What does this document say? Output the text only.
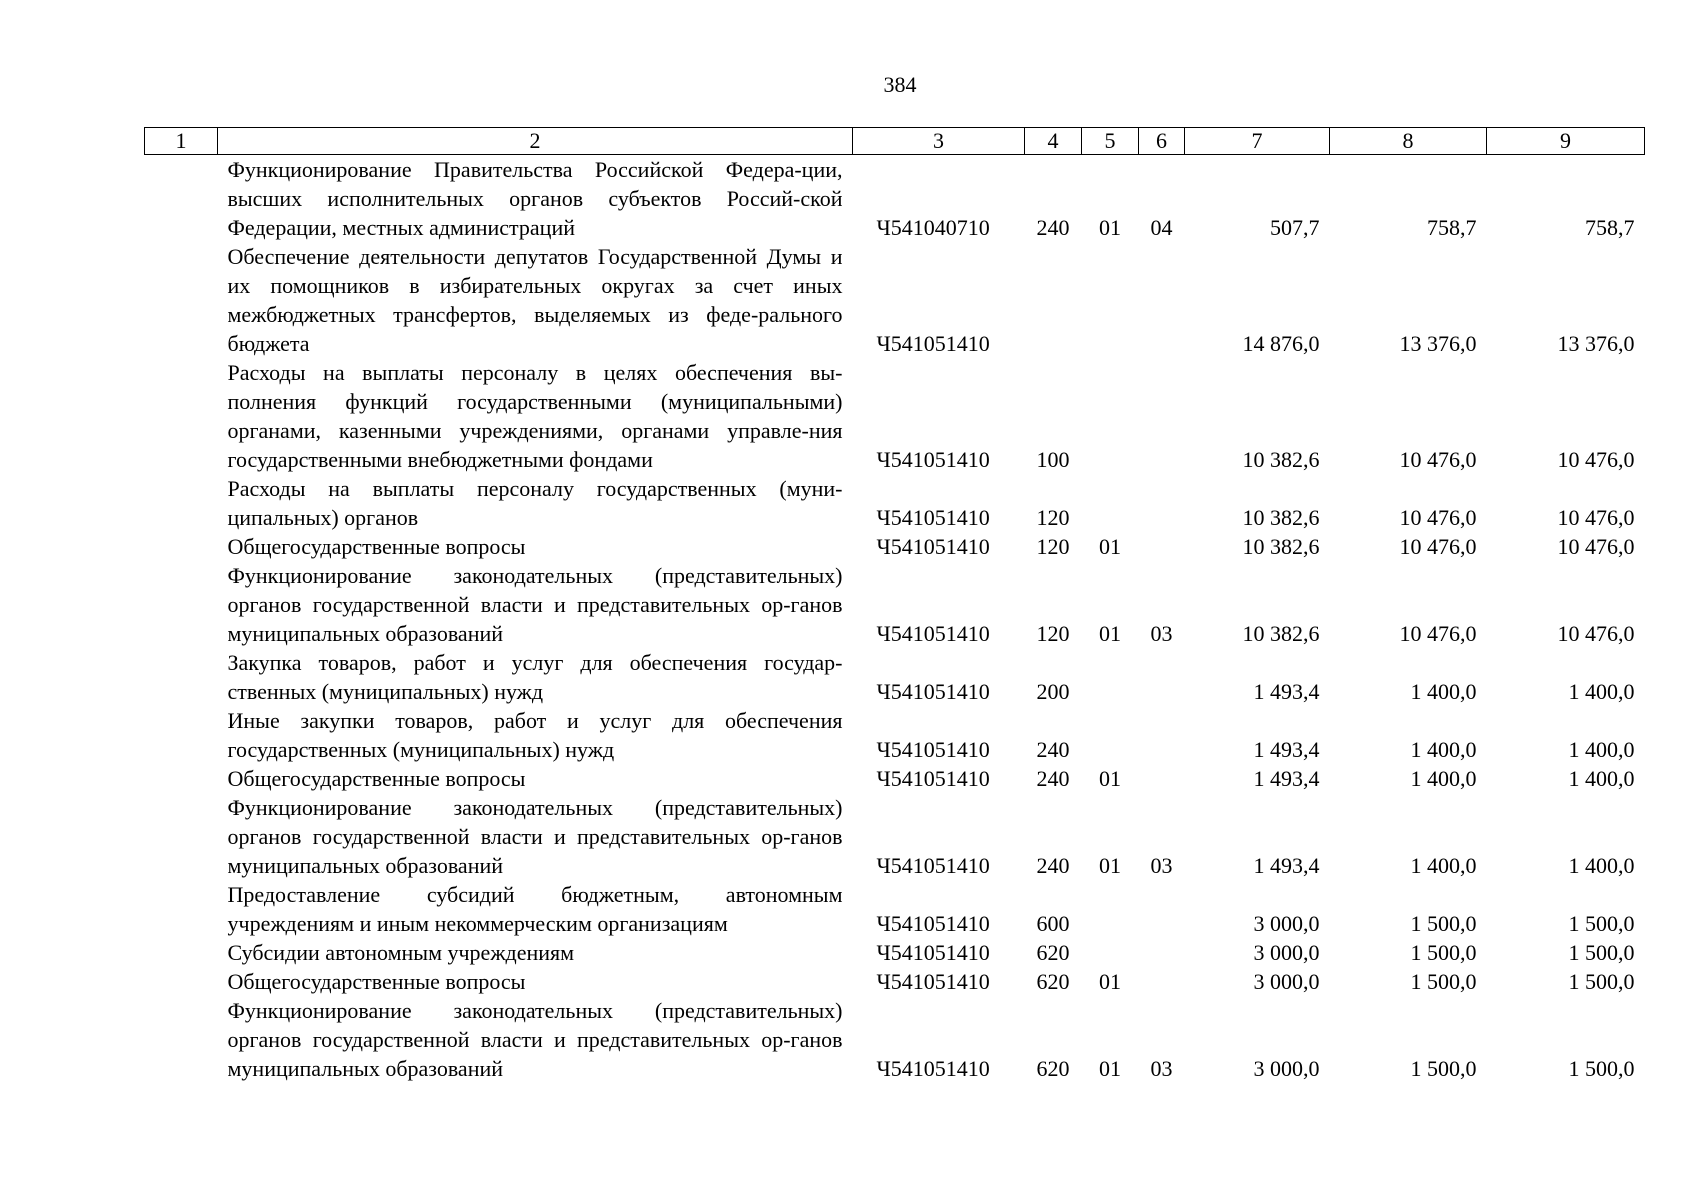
384
1	2	3	4	5	6	7	8	9
	Функционирование Правительства Российской Федера-ции, высших исполнительных органов субъектов Россий-ской Федерации, местных администраций	Ч541040710	240	01	04	507,7	758,7	758,7
	Обеспечение деятельности депутатов Государственной Думы и их помощников в избирательных округах за счет иных межбюджетных трансфертов, выделяемых из феде-рального бюджета	Ч541051410				14 876,0	13 376,0	13 376,0
	Расходы на выплаты персоналу в целях обеспечения вы-полнения функций государственными (муниципальными) органами, казенными учреждениями, органами управле-ния государственными внебюджетными фондами	Ч541051410	100			10 382,6	10 476,0	10 476,0
	Расходы на выплаты персоналу государственных (муни-ципальных) органов	Ч541051410	120			10 382,6	10 476,0	10 476,0
	Общегосударственные вопросы	Ч541051410	120	01		10 382,6	10 476,0	10 476,0
	Функционирование законодательных (представительных) органов государственной власти и представительных ор-ганов муниципальных образований	Ч541051410	120	01	03	10 382,6	10 476,0	10 476,0
	Закупка товаров, работ и услуг для обеспечения государ-ственных (муниципальных) нужд	Ч541051410	200			1 493,4	1 400,0	1 400,0
	Иные закупки товаров, работ и услуг для обеспечения государственных (муниципальных) нужд	Ч541051410	240			1 493,4	1 400,0	1 400,0
	Общегосударственные вопросы	Ч541051410	240	01		1 493,4	1 400,0	1 400,0
	Функционирование законодательных (представительных) органов государственной власти и представительных ор-ганов муниципальных образований	Ч541051410	240	01	03	1 493,4	1 400,0	1 400,0
	Предоставление субсидий бюджетным, автономным учреждениям и иным некоммерческим организациям	Ч541051410	600			3 000,0	1 500,0	1 500,0
	Субсидии автономным учреждениям	Ч541051410	620			3 000,0	1 500,0	1 500,0
	Общегосударственные вопросы	Ч541051410	620	01		3 000,0	1 500,0	1 500,0
	Функционирование законодательных (представительных) органов государственной власти и представительных ор-ганов муниципальных образований	Ч541051410	620	01	03	3 000,0	1 500,0	1 500,0
